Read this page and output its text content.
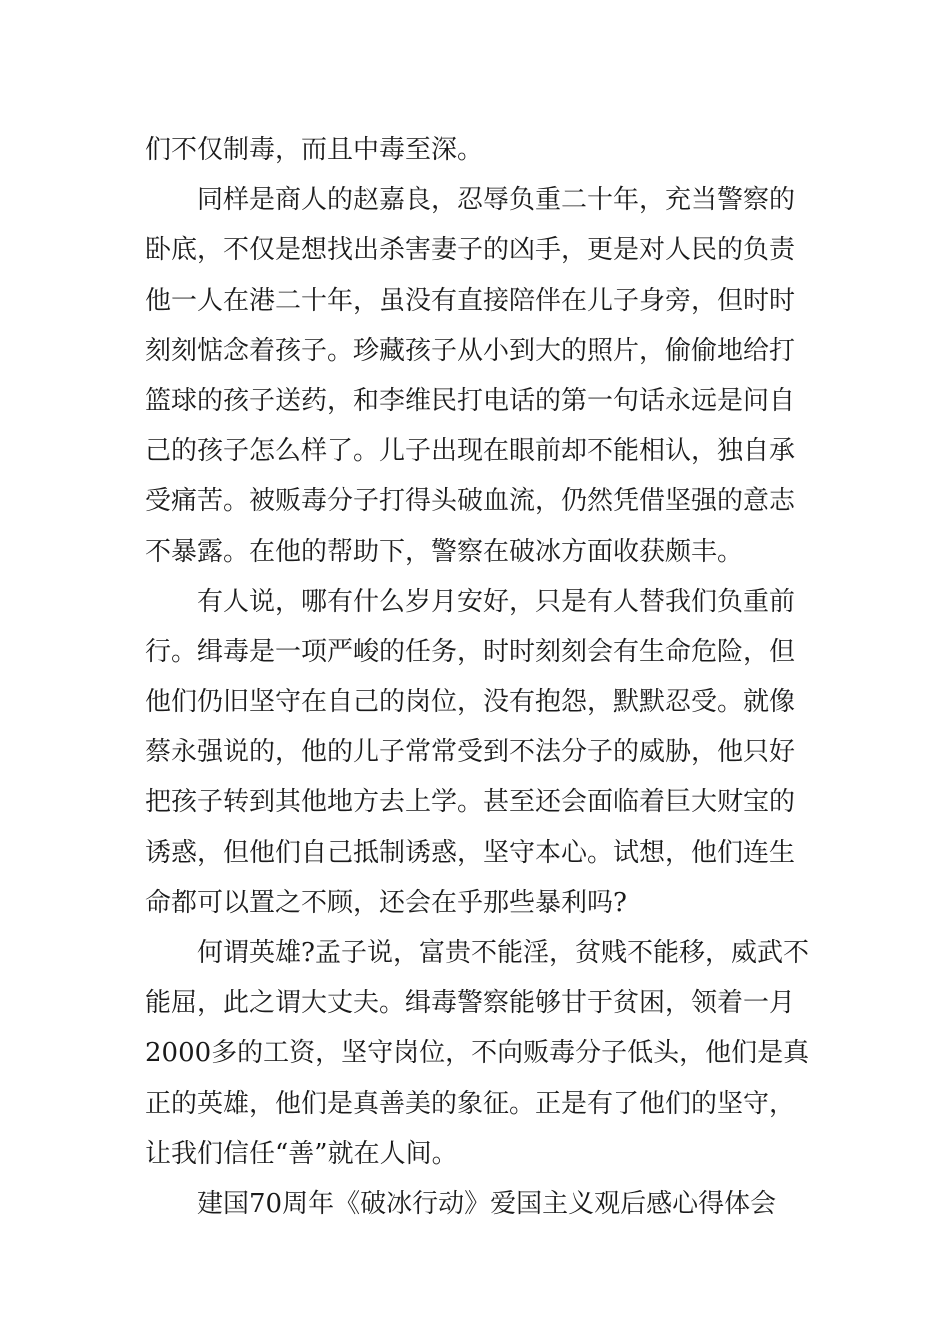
们不仅制毒，而且中毒至深。
同样是商人的赵嘉良，忍辱负重二十年，充当警察的
卧底，不仅是想找出杀害妻子的凶手，更是对人民的负责
他一人在港二十年，虽没有直接陪伴在儿子身旁，但时时
刻刻惦念着孩子。珍藏孩子从小到大的照片，偷偷地给打
篮球的孩子送药，和李维民打电话的第一句话永远是问自
己的孩子怎么样了。儿子出现在眼前却不能相认，独自承
受痛苦。被贩毒分子打得头破血流，仍然凭借坚强的意志
不暴露。在他的帮助下，警察在破冰方面收获颇丰。
有人说，哪有什么岁月安好，只是有人替我们负重前
行。缉毒是一项严峻的任务，时时刻刻会有生命危险，但
他们仍旧坚守在自己的岗位，没有抱怨，默默忍受。就像
蔡永强说的，他的儿子常常受到不法分子的威胁，他只好
把孩子转到其他地方去上学。甚至还会面临着巨大财宝的
诱惑，但他们自己抵制诱惑，坚守本心。试想，他们连生
命都可以置之不顾，还会在乎那些暴利吗?
何谓英雄?孟子说，富贵不能淫，贫贱不能移，威武不
能屈，此之谓大丈夫。缉毒警察能够甘于贫困，领着一月
2000多的工资，坚守岗位，不向贩毒分子低头，他们是真
正的英雄，他们是真善美的象征。正是有了他们的坚守，
让我们信任“善”就在人间。
建国70周年《破冰行动》爱国主义观后感心得体会
